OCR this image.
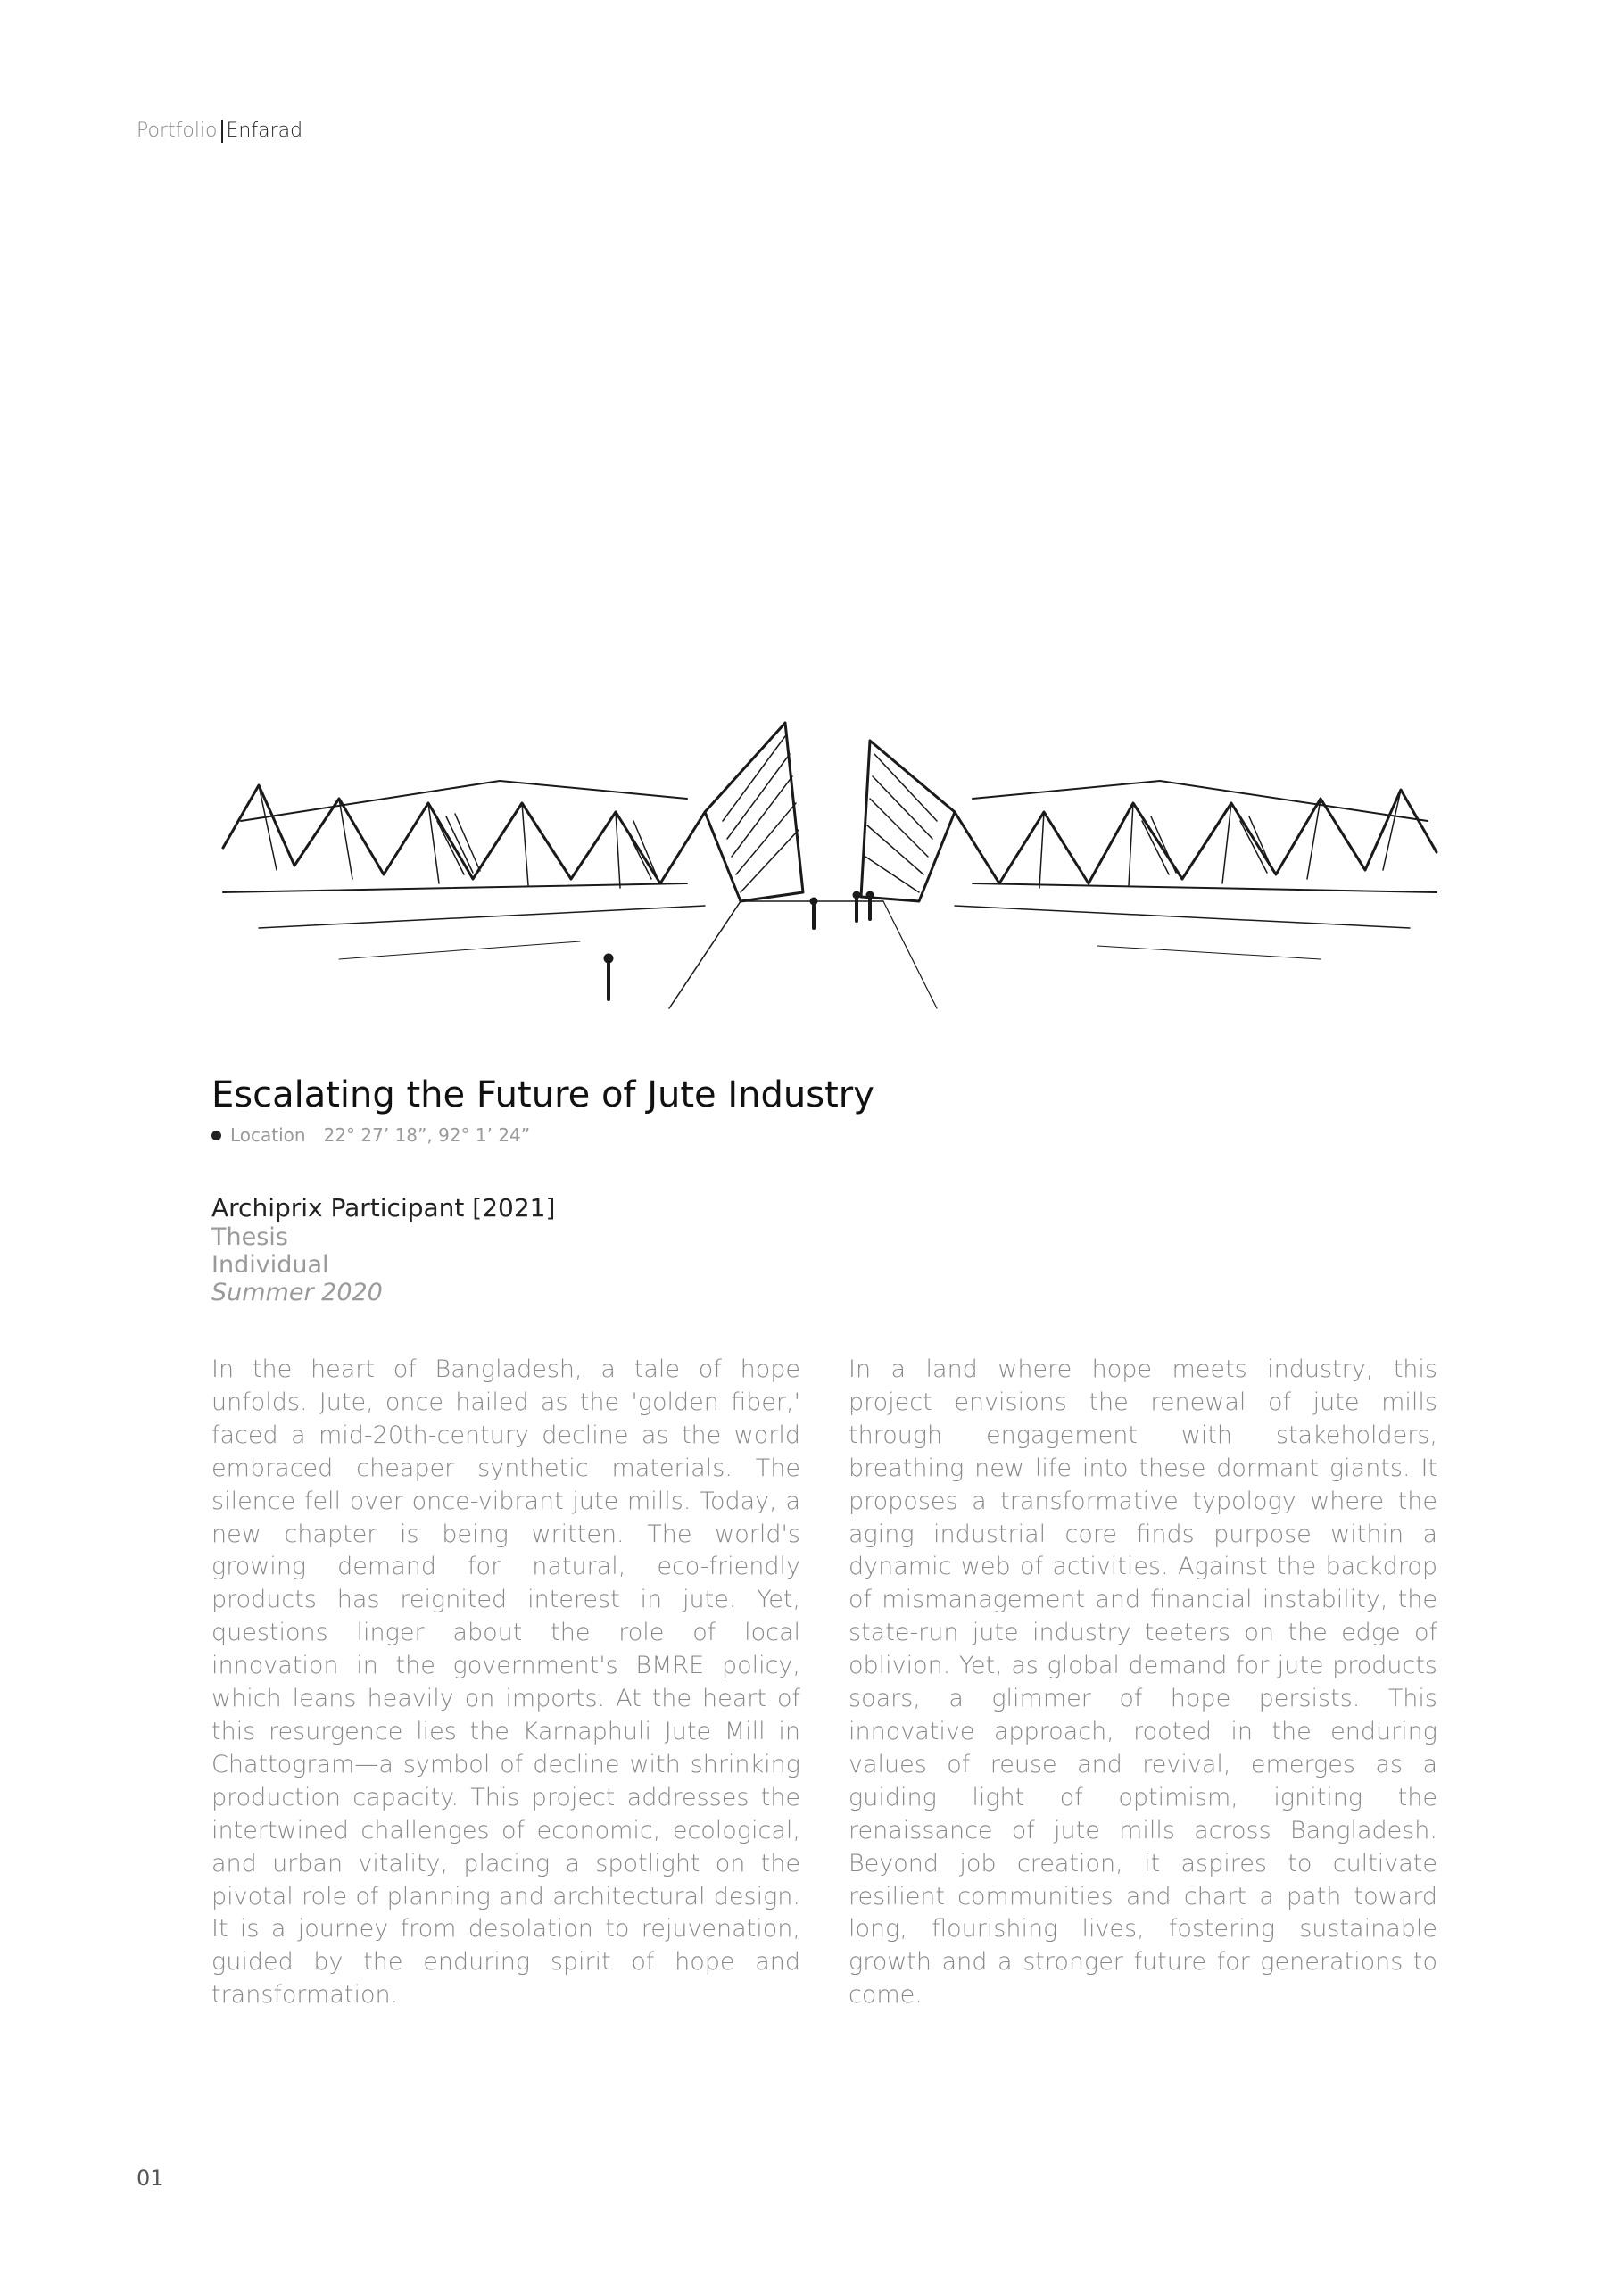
Portfolio Enfarad
Escalating the Future of Jute Industry
Location 22° 27’ 18”, 92° 1’ 24”
Archiprix Participant [2021]
Thesis
Individual
Summer 2020

In the heart of Bangladesh, a tale of hope unfolds. Jute, once hailed as the 'golden fiber,' faced a mid-20th-century decline as the world embraced cheaper synthetic materials. The silence fell over once-vibrant jute mills. Today, a new chapter is being written. The world's growing demand for natural, eco-friendly products has reignited interest in jute. Yet, questions linger about the role of local innovation in the government's BMRE policy, which leans heavily on imports. At the heart of this resurgence lies the Karnaphuli Jute Mill in Chattogram—a symbol of decline with shrinking production capacity. This project addresses the intertwined challenges of economic, ecological, and urban vitality, placing a spotlight on the pivotal role of planning and architectural design. It is a journey from desolation to rejuvenation, guided by the enduring spirit of hope and transformation.

In a land where hope meets industry, this project envisions the renewal of jute mills through engagement with stakeholders, breathing new life into these dormant giants. It proposes a transformative typology where the aging industrial core finds purpose within a dynamic web of activities. Against the backdrop of mismanagement and financial instability, the state-run jute industry teeters on the edge of oblivion. Yet, as global demand for jute products soars, a glimmer of hope persists. This innovative approach, rooted in the enduring values of reuse and revival, emerges as a guiding light of optimism, igniting the renaissance of jute mills across Bangladesh. Beyond job creation, it aspires to cultivate resilient communities and chart a path toward long, flourishing lives, fostering sustainable growth and a stronger future for generations to come.

01
